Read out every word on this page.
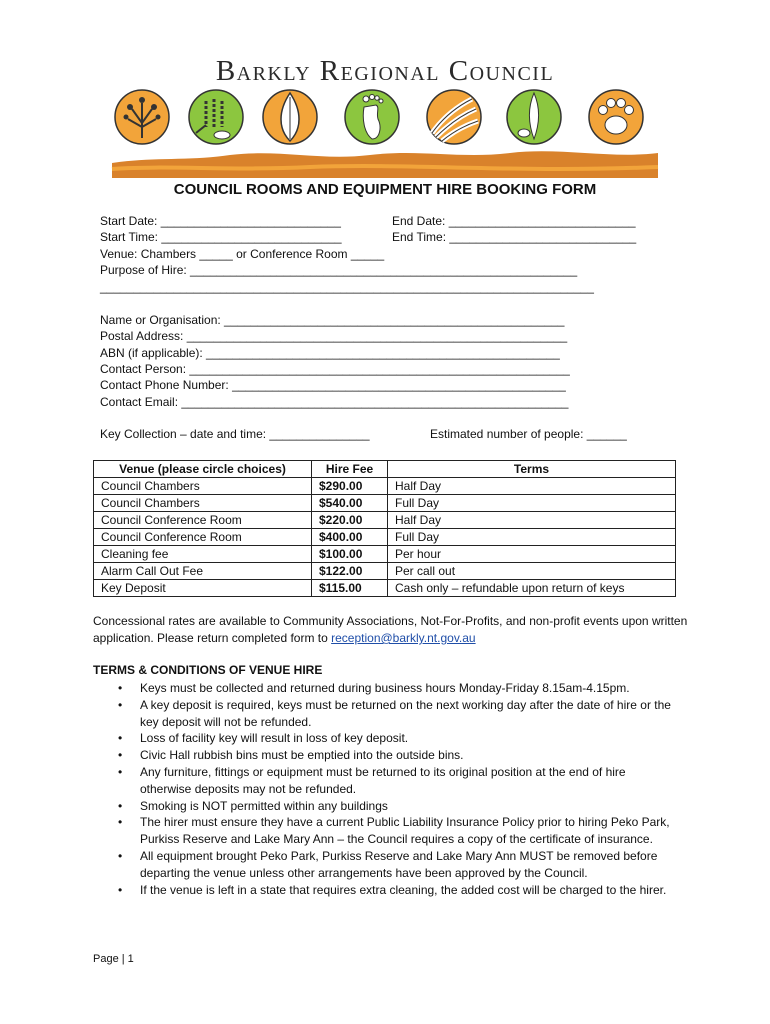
Barkly Regional Council
COUNCIL ROOMS AND EQUIPMENT HIRE BOOKING FORM
Start Date: ___________________________	End Date: ____________________________
Start Time: ___________________________	End Time: ____________________________
Venue: Chambers _____ or Conference Room _____
Purpose of Hire: __________________________________________________________
__________________________________________________________________________
Name or Organisation: ___________________________________________________
Postal Address: _________________________________________________________
ABN (if applicable): _____________________________________________________
Contact Person: _________________________________________________________
Contact Phone Number: __________________________________________________
Contact Email: __________________________________________________________
Key Collection – date and time: _______________	Estimated number of people: ______
Venue (please circle choices)	Hire Fee	Terms
Council Chambers	$290.00	Half Day
Council Chambers	$540.00	Full Day
Council Conference Room	$220.00	Half Day
Council Conference Room	$400.00	Full Day
Cleaning fee	$100.00	Per hour
Alarm Call Out Fee	$122.00	Per call out
Key Deposit	$115.00	Cash only – refundable upon return of keys

Concessional rates are available to Community Associations, Not-For-Profits, and non-profit events upon written application. Please return completed form to reception@barkly.nt.gov.au

TERMS & CONDITIONS OF VENUE HIRE
• Keys must be collected and returned during business hours Monday-Friday 8.15am-4.15pm.
• A key deposit is required, keys must be returned on the next working day after the date of hire or the key deposit will not be refunded.
• Loss of facility key will result in loss of key deposit.
• Civic Hall rubbish bins must be emptied into the outside bins.
• Any furniture, fittings or equipment must be returned to its original position at the end of hire otherwise deposits may not be refunded.
• Smoking is NOT permitted within any buildings
• The hirer must ensure they have a current Public Liability Insurance Policy prior to hiring Peko Park, Purkiss Reserve and Lake Mary Ann – the Council requires a copy of the certificate of insurance.
• All equipment brought Peko Park, Purkiss Reserve and Lake Mary Ann MUST be removed before departing the venue unless other arrangements have been approved by the Council.
• If the venue is left in a state that requires extra cleaning, the added cost will be charged to the hirer.
Page | 1
